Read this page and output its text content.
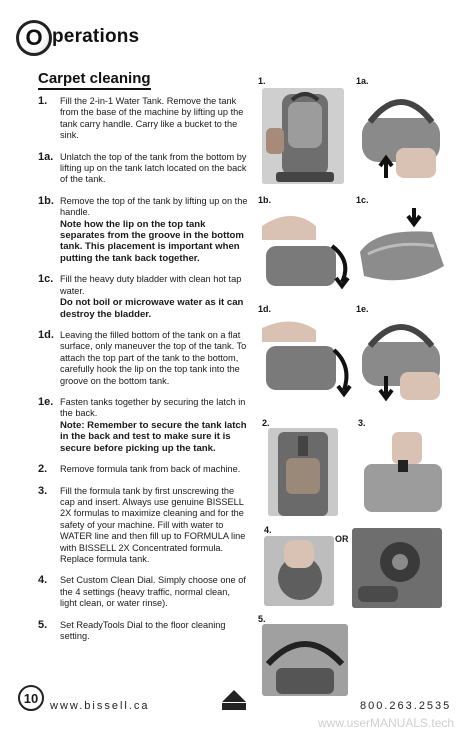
O perations
Carpet cleaning
1.	Fill the 2-in-1 Water Tank. Remove the tank from the base of the machine by lifting up the tank carry handle. Carry like a bucket to the sink.
1a. Unlatch the top of the tank from the bottom by lifting up on the tank latch located on the back of the tank.
1b. Remove the top of the tank by lifting up on the handle.
Note how the lip on the top tank separates from the groove in the bottom tank. This placement is important when putting the tank back together.
1c. Fill the heavy duty bladder with clean hot tap water.
Do not boil or microwave water as it can destroy the bladder.
1d. Leaving the filled bottom of the tank on a flat surface, only maneuver the top of the tank. To attach the top part of the tank to the bottom, carefully hook the lip on the top tank into the groove on the bottom tank.
1e. Fasten tanks together by securing the latch in the back.
Note: Remember to secure the tank latch in the back and test to make sure it is secure before picking up the tank.
2.	Remove formula tank from back of machine.
3.	Fill the formula tank by first unscrewing the cap and insert. Always use genuine BISSELL 2X formulas to maximize cleaning and for the safety of your machine. Fill with water to WATER line and then fill up to FORMULA line with BISSELL 2X Concentrated formula. Replace formula tank.
4.	Set Custom Clean Dial. Simply choose one of the 4 settings (heavy traffic, normal clean, light clean, or water rinse).
5.	Set ReadyTools Dial to the floor cleaning setting.
1.	1a.
1b.	1c.
1d.	1e.
2.	3.
4.
5.
OR
10
www.bissell.ca	800.263.2535
www.userMANUALS.tech
